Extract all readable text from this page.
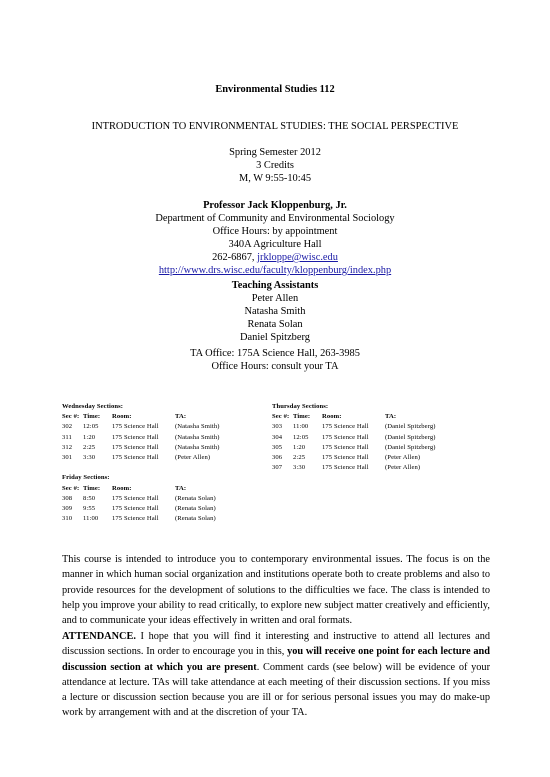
Environmental Studies 112
INTRODUCTION TO ENVIRONMENTAL STUDIES: THE SOCIAL PERSPECTIVE
Spring Semester 2012
3 Credits
M, W 9:55-10:45
Professor Jack Kloppenburg, Jr.
Department of Community and Environmental Sociology
Office Hours: by appointment
340A Agriculture Hall
262-6867, jrkloppe@wisc.edu
http://www.drs.wisc.edu/faculty/kloppenburg/index.php
Teaching Assistants
Peter Allen
Natasha Smith
Renata Solan
Daniel Spitzberg
TA Office: 175A Science Hall, 263-3985
Office Hours: consult your TA
Wednesday Sections:
Sec #: Time: Room:	TA:
302 12:05 175 Science Hall (Natasha Smith)
311 1:20	175 Science Hall (Natasha Smith)
312 2:25	175 Science Hall (Natasha Smith)
301 3:30	175 Science Hall (Peter Allen)
Thursday Sections:
Sec #: Time: Room:	TA:
303 11:00 175 Science Hall (Daniel Spitzberg)
304 12:05 175 Science Hall (Daniel Spitzberg)
305 1:20	175 Science Hall (Daniel Spitzberg)
306 2:25	175 Science Hall (Peter Allen)
307 3:30	175 Science Hall (Peter Allen)
Friday Sections:
Sec #: Time: Room:	TA:
308 8:50	175 Science Hall (Renata Solan)
309 9:55	175 Science Hall (Renata Solan)
310 11:00 175 Science Hall (Renata Solan)
This course is intended to introduce you to contemporary environmental issues. The focus is on the manner in which human social organization and institutions operate both to create problems and also to provide resources for the development of solutions to the difficulties we face. The class is intended to help you improve your ability to read critically, to explore new subject matter creatively and efficiently, and to communicate your ideas effectively in written and oral formats.
ATTENDANCE. I hope that you will find it interesting and instructive to attend all lectures and discussion sections. In order to encourage you in this, you will receive one point for each lecture and discussion section at which you are present. Comment cards (see below) will be evidence of your attendance at lecture. TAs will take attendance at each meeting of their discussion sections. If you miss a lecture or discussion section because you are ill or for serious personal issues you may do make-up work by arrangement with and at the discretion of your TA.
